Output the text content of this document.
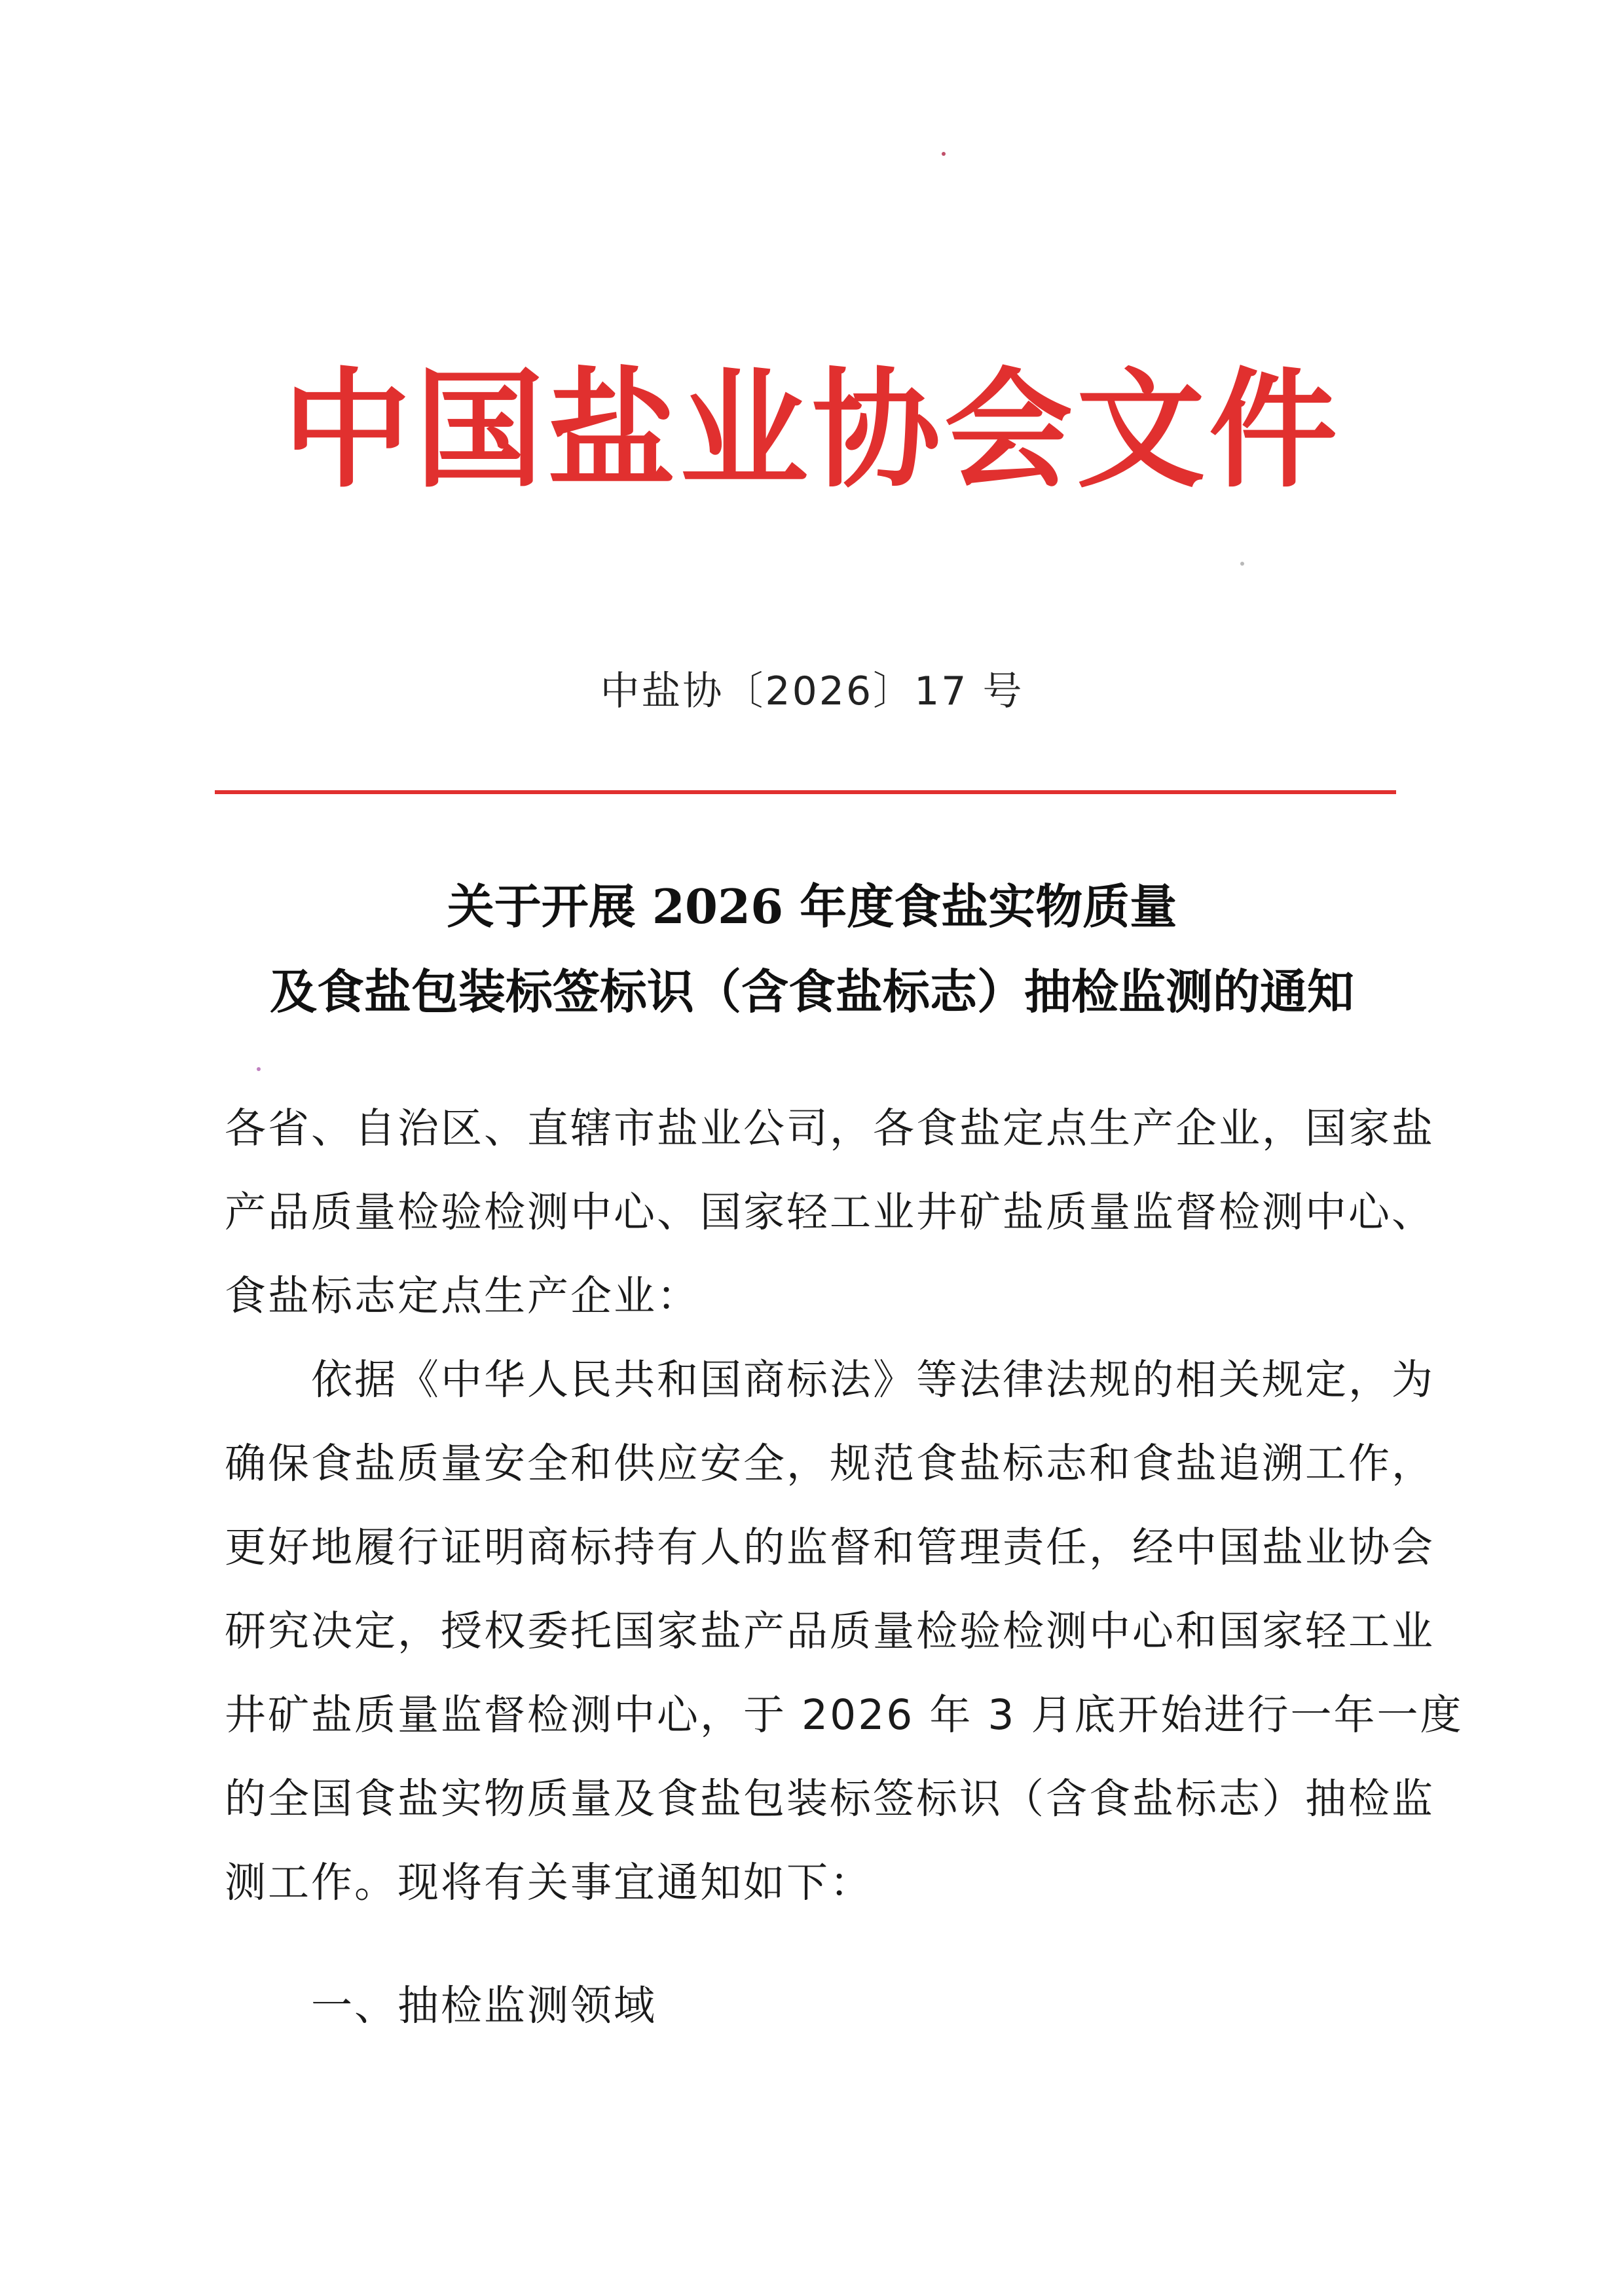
中国盐业协会文件
中盐协〔2026〕17 号
关于开展 2026 年度食盐实物质量
及食盐包装标签标识（含食盐标志）抽检监测的通知
各省、自治区、直辖市盐业公司，各食盐定点生产企业，国家盐
产品质量检验检测中心、国家轻工业井矿盐质量监督检测中心、
食盐标志定点生产企业：
　　依据《中华人民共和国商标法》等法律法规的相关规定，为
确保食盐质量安全和供应安全，规范食盐标志和食盐追溯工作，
更好地履行证明商标持有人的监督和管理责任，经中国盐业协会
研究决定，授权委托国家盐产品质量检验检测中心和国家轻工业
井矿盐质量监督检测中心，于 2026 年 3 月底开始进行一年一度
的全国食盐实物质量及食盐包装标签标识（含食盐标志）抽检监
测工作。现将有关事宜通知如下：
一、抽检监测领域
